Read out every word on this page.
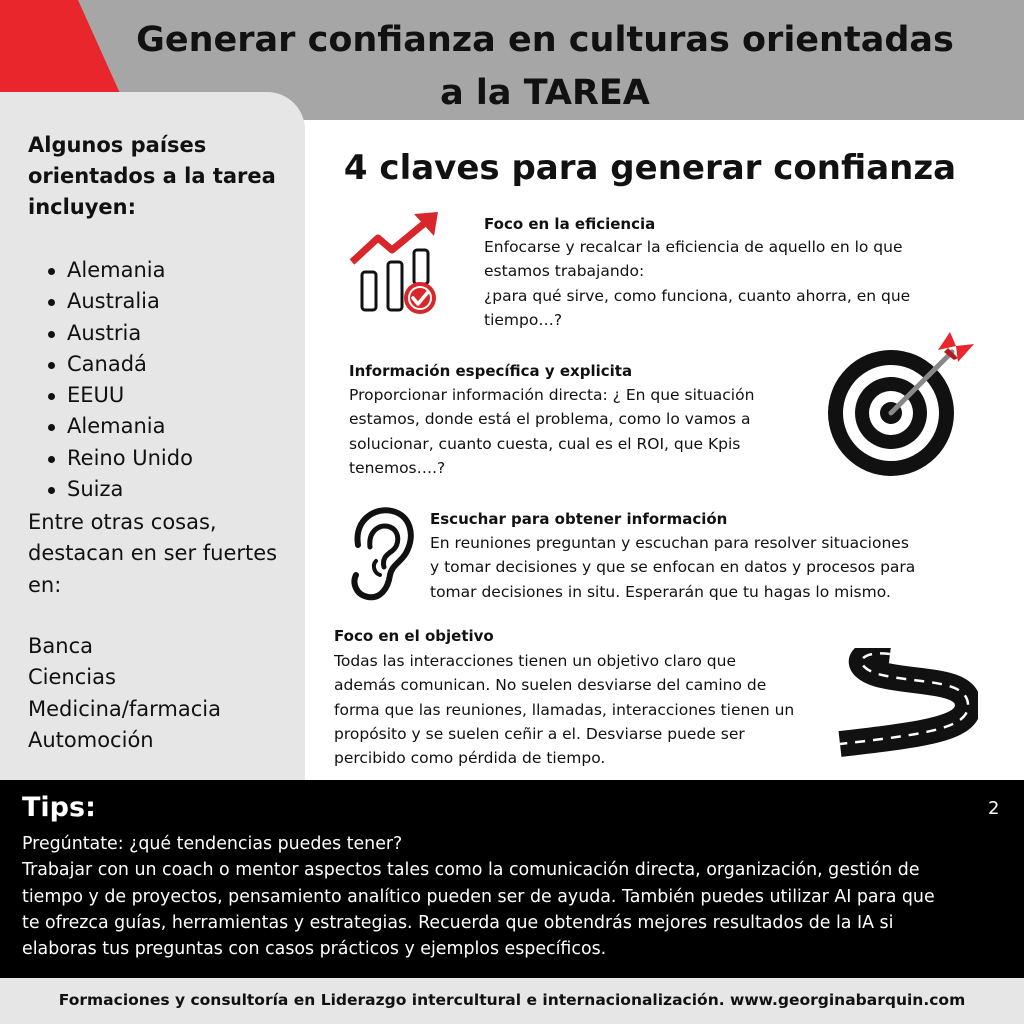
Generar confianza en culturas orientadas
a la TAREA
Algunos países orientados a la tarea incluyen:
Alemania
Australia
Austria
Canadá
EEUU
Alemania
Reino Unido
Suiza
Entre otras cosas, destacan en ser fuertes en:
Banca
Ciencias
Medicina/farmacia
Automoción
4 claves para generar confianza
Foco en la eficiencia
Enfocarse y recalcar la eficiencia de aquello en lo que
estamos trabajando:
¿para qué sirve, como funciona, cuanto ahorra, en que
tiempo…?
Información específica y explicita
Proporcionar información directa: ¿ En que situación
estamos, donde está el problema, como lo vamos a
solucionar, cuanto cuesta, cual es el ROI, que Kpis
tenemos….?
Escuchar para obtener información
En reuniones preguntan y escuchan para resolver situaciones
y tomar decisiones y que se enfocan en datos y procesos para
tomar decisiones in situ. Esperarán que tu hagas lo mismo.
Foco en el objetivo
Todas las interacciones tienen un objetivo claro que
además comunican. No suelen desviarse del camino de
forma que las reuniones, llamadas, interacciones tienen un
propósito y se suelen ceñir a el. Desviarse puede ser
percibido como pérdida de tiempo.
Tips:	2
Pregúntate: ¿qué tendencias puedes tener?
Trabajar con un coach o mentor aspectos tales como la comunicación directa, organización, gestión de
tiempo y de proyectos, pensamiento analítico pueden ser de ayuda. También puedes utilizar AI para que
te ofrezca guías, herramientas y estrategias. Recuerda que obtendrás mejores resultados de la IA si
elaboras tus preguntas con casos prácticos y ejemplos específicos.
Formaciones y consultoría en Liderazgo intercultural e internacionalización. www.georginabarquin.com
